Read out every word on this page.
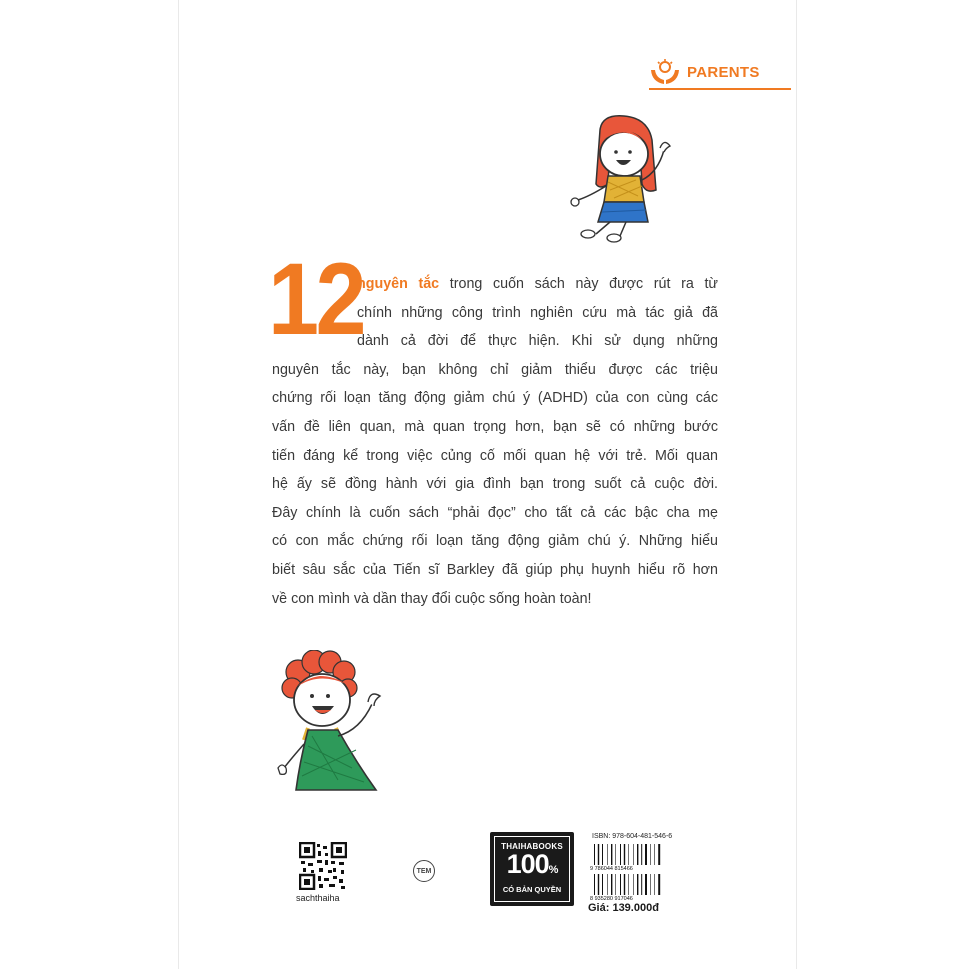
PARENTS
12
nguyên tắc trong cuốn sách này được rút ra từ
chính những công trình nghiên cứu mà tác giả đã
dành cả đời để thực hiện. Khi sử dụng những
nguyên tắc này, bạn không chỉ giảm thiểu được các triệu
chứng rối loạn tăng động giảm chú ý (ADHD) của con cùng các
vấn đề liên quan, mà quan trọng hơn, bạn sẽ có những bước
tiến đáng kể trong việc củng cố mối quan hệ với trẻ. Mối quan
hệ ấy sẽ đồng hành với gia đình bạn trong suốt cả cuộc đời.
Đây chính là cuốn sách “phải đọc” cho tất cả các bậc cha mẹ
có con mắc chứng rối loạn tăng động giảm chú ý. Những hiểu
biết sâu sắc của Tiến sĩ Barkley đã giúp phụ huynh hiểu rõ hơn
về con mình và dần thay đổi cuộc sống hoàn toàn!
sachthaiha
TEM
THAIHABOOKS
100%
CÓ BẢN QUYỀN
ISBN: 978-604-481-546-6
9 786044 815466
8 935280 917046
Giá: 139.000đ
